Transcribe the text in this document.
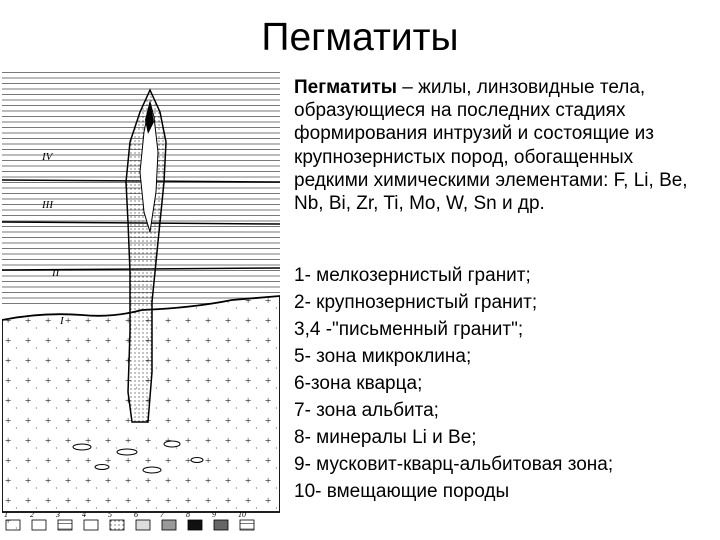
Пегматиты
IV
III
II
I
1	2	3	4	5	6	7	8	9	10
Пегматиты – жилы, линзовидные тела, образующиеся на последних стадиях формирования интрузий и состоящие из крупнозернистых пород, обогащенных редкими химическими элементами: F, Li, Be, Nb, Bi, Zr, Ti, Mo, W, Sn и др.
1- мелкозернистый гранит;
2- крупнозернистый гранит;
3,4 -"письменный гранит";
5- зона микроклина;
6-зона кварца;
7- зона альбита;
8- минералы Li и Be;
9- мусковит-кварц-альбитовая зона;
10- вмещающие породы
